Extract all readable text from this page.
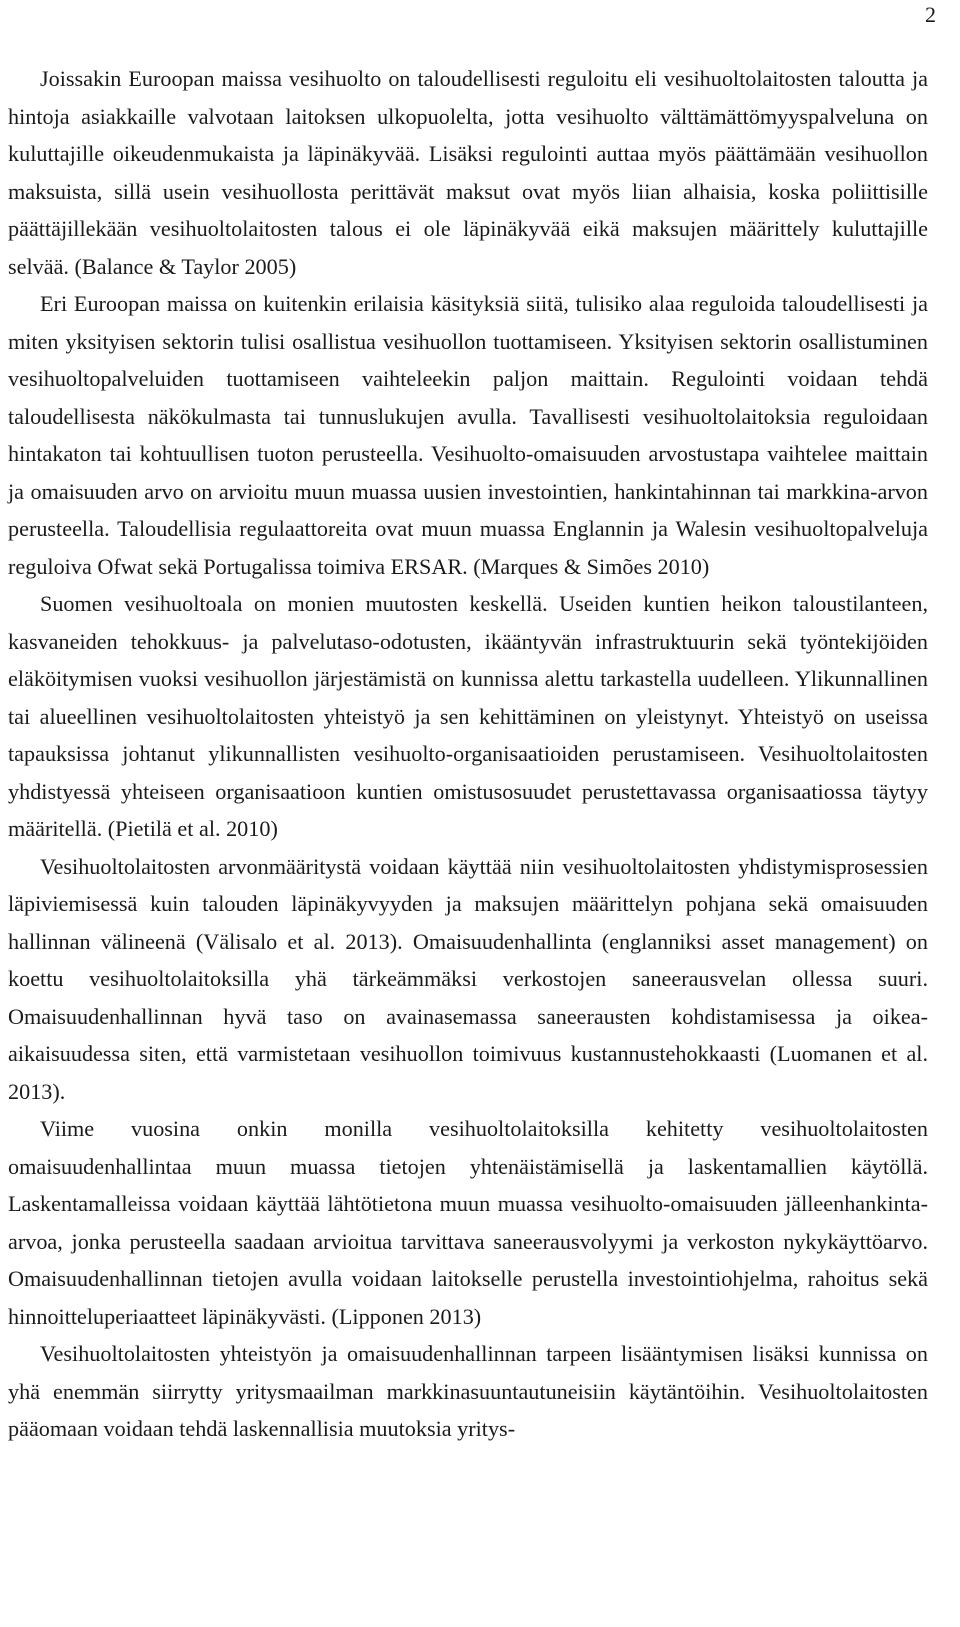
2

Joissakin Euroopan maissa vesihuolto on taloudellisesti reguloitu eli vesihuoltolaitosten taloutta ja hintoja asiakkaille valvotaan laitoksen ulkopuolelta, jotta vesihuolto välttämättömyyspalveluna on kuluttajille oikeudenmukaista ja läpinäkyvää. Lisäksi regulointi auttaa myös päättämään vesihuollon maksuista, sillä usein vesihuollosta perittävät maksut ovat myös liian alhaisia, koska poliittisille päättäjillekään vesihuoltolaitosten talous ei ole läpinäkyvää eikä maksujen määrittely kuluttajille selvää. (Balance & Taylor 2005)

Eri Euroopan maissa on kuitenkin erilaisia käsityksiä siitä, tulisiko alaa reguloida taloudellisesti ja miten yksityisen sektorin tulisi osallistua vesihuollon tuottamiseen. Yksityisen sektorin osallistuminen vesihuoltopalveluiden tuottamiseen vaihteleekin paljon maittain. Regulointi voidaan tehdä taloudellisesta näkökulmasta tai tunnuslukujen avulla. Tavallisesti vesihuoltolaitoksia reguloidaan hintakaton tai kohtuullisen tuoton perusteella. Vesihuolto-omaisuuden arvostustapa vaihtelee maittain ja omaisuuden arvo on arvioitu muun muassa uusien investointien, hankintahinnan tai markkina-arvon perusteella. Taloudellisia regulaattoreita ovat muun muassa Englannin ja Walesin vesihuoltopalveluja reguloiva Ofwat sekä Portugalissa toimiva ERSAR. (Marques & Simões 2010)

Suomen vesihuoltoala on monien muutosten keskellä. Useiden kuntien heikon taloustilanteen, kasvaneiden tehokkuus- ja palvelutaso-odotusten, ikääntyvän infrastruktuurin sekä työntekijöiden eläköitymisen vuoksi vesihuollon järjestämistä on kunnissa alettu tarkastella uudelleen. Ylikunnallinen tai alueellinen vesihuoltolaitosten yhteistyö ja sen kehittäminen on yleistynyt. Yhteistyö on useissa tapauksissa johtanut ylikunnallisten vesihuolto-organisaatioiden perustamiseen. Vesihuoltolaitosten yhdistyessä yhteiseen organisaatioon kuntien omistusosuudet perustettavassa organisaatiossa täytyy määritellä. (Pietilä et al. 2010)

Vesihuoltolaitosten arvonmääritystä voidaan käyttää niin vesihuoltolaitosten yhdistymisprosessien läpiviemisessä kuin talouden läpinäkyvyyden ja maksujen määrittelyn pohjana sekä omaisuuden hallinnan välineenä (Välisalo et al. 2013). Omaisuudenhallinta (englanniksi asset management) on koettu vesihuoltolaitoksilla yhä tärkeämmäksi verkostojen saneerausvelan ollessa suuri. Omaisuudenhallinnan hyvä taso on avainasemassa saneerausten kohdistamisessa ja oikea-aikaisuudessa siten, että varmistetaan vesihuollon toimivuus kustannustehokkaasti (Luomanen et al. 2013).

Viime vuosina onkin monilla vesihuoltolaitoksilla kehitetty vesihuoltolaitosten omaisuudenhallintaa muun muassa tietojen yhtenäistämisellä ja laskentamallien käytöllä. Laskentamalleissa voidaan käyttää lähtötietona muun muassa vesihuolto-omaisuuden jälleenhankinta-arvoa, jonka perusteella saadaan arvioitua tarvittava saneerausvolyymi ja verkoston nykykäyttöarvo. Omaisuudenhallinnan tietojen avulla voidaan laitokselle perustella investointiohjelma, rahoitus sekä hinnoitteluperiaatteet läpinäkyvästi. (Lipponen 2013)

Vesihuoltolaitosten yhteistyön ja omaisuudenhallinnan tarpeen lisääntymisen lisäksi kunnissa on yhä enemmän siirrytty yritysmaailman markkinasuuntautuneisiin käytäntöihin. Vesihuoltolaitosten pääomaan voidaan tehdä laskennallisia muutoksia yritys-
